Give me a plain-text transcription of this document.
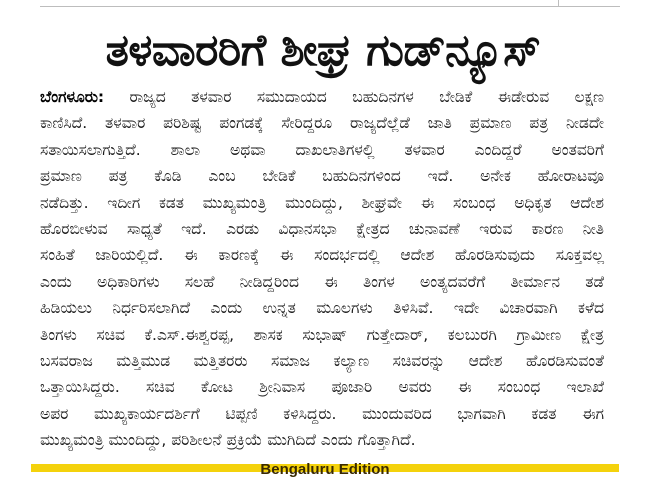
ತಳವಾರರಿಗೆ ಶೀಘ್ರ ಗುಡ್‌ನ್ಯೂಸ್
ಬೆಂಗಳೂರು: ರಾಜ್ಯದ ತಳವಾರ ಸಮುದಾಯದ ಬಹುದಿನಗಳ ಬೇಡಿಕೆ ಈಡೇರುವ ಲಕ್ಷಣ
ಕಾಣಿಸಿದೆ. ತಳವಾರ ಪರಿಶಿಷ್ಟ ಪಂಗಡಕ್ಕೆ ಸೇರಿದ್ದರೂ ರಾಜ್ಯದೆಲ್ಲೆಡೆ ಜಾತಿ ಪ್ರಮಾಣ ಪತ್ರ ನೀಡದೇ
ಸತಾಯಿಸಲಾಗುತ್ತಿದೆ. ಶಾಲಾ ಅಥವಾ ದಾಖಲಾತಿಗಳಲ್ಲಿ ತಳವಾರ ಎಂದಿದ್ದರೆ ಅಂತವರಿಗೆ
ಪ್ರಮಾಣ ಪತ್ರ ಕೊಡಿ ಎಂಬ ಬೇಡಿಕೆ ಬಹುದಿನಗಳಿಂದ ಇದೆ. ಅನೇಕ ಹೋರಾಟವೂ
ನಡೆದಿತ್ತು. ಇದೀಗ ಕಡತ ಮುಖ್ಯಮಂತ್ರಿ ಮುಂದಿದ್ದು, ಶೀಘ್ರವೇ ಈ ಸಂಬಂಧ ಅಧಿಕೃತ ಆದೇಶ
ಹೊರಬೀಳುವ ಸಾಧ್ಯತೆ ಇದೆ. ಎರಡು ವಿಧಾನಸಭಾ ಕ್ಷೇತ್ರದ ಚುನಾವಣೆ ಇರುವ ಕಾರಣ ನೀತಿ
ಸಂಹಿತೆ ಜಾರಿಯಲ್ಲಿದೆ. ಈ ಕಾರಣಕ್ಕೆ ಈ ಸಂದರ್ಭದಲ್ಲಿ ಆದೇಶ ಹೊರಡಿಸುವುದು ಸೂಕ್ತವಲ್ಲ
ಎಂದು ಅಧಿಕಾರಿಗಳು ಸಲಹೆ ನೀಡಿದ್ದರಿಂದ ಈ ತಿಂಗಳ ಅಂತ್ಯದವರೆಗೆ ತೀರ್ಮಾನ ತಡೆ
ಹಿಡಿಯಲು ನಿರ್ಧರಿಸಲಾಗಿದೆ ಎಂದು ಉನ್ನತ ಮೂಲಗಳು ತಿಳಿಸಿವೆ. ಇದೇ ವಿಚಾರವಾಗಿ ಕಳೆದ
ತಿಂಗಳು ಸಚಿವ ಕೆ.ಎಸ್.ಈಶ್ವರಪ್ಪ, ಶಾಸಕ ಸುಭಾಷ್ ಗುತ್ತೇದಾರ್, ಕಲಬುರಗಿ ಗ್ರಾಮೀಣ ಕ್ಷೇತ್ರ
ಬಸವರಾಜ ಮತ್ತಿಮುಡ ಮತ್ತಿತರರು ಸಮಾಜ ಕಲ್ಯಾಣ ಸಚಿವರನ್ನು ಆದೇಶ ಹೊರಡಿಸುವಂತೆ
ಒತ್ತಾಯಿಸಿದ್ದರು. ಸಚಿವ ಕೋಟ ಶ್ರೀನಿವಾಸ ಪೂಜಾರಿ ಅವರು ಈ ಸಂಬಂಧ ಇಲಾಖೆ
ಅಪರ ಮುಖ್ಯಕಾರ್ಯದರ್ಶಿಗೆ ಟಿಪ್ಪಣಿ ಕಳಿಸಿದ್ದರು. ಮುಂದುವರಿದ ಭಾಗವಾಗಿ ಕಡತ ಈಗ
ಮುಖ್ಯಮಂತ್ರಿ ಮುಂದಿದ್ದು, ಪರಿಶೀಲನೆ ಪ್ರಕ್ರಿಯೆ ಮುಗಿದಿದೆ ಎಂದು ಗೊತ್ತಾಗಿದೆ.
Bengaluru Edition
